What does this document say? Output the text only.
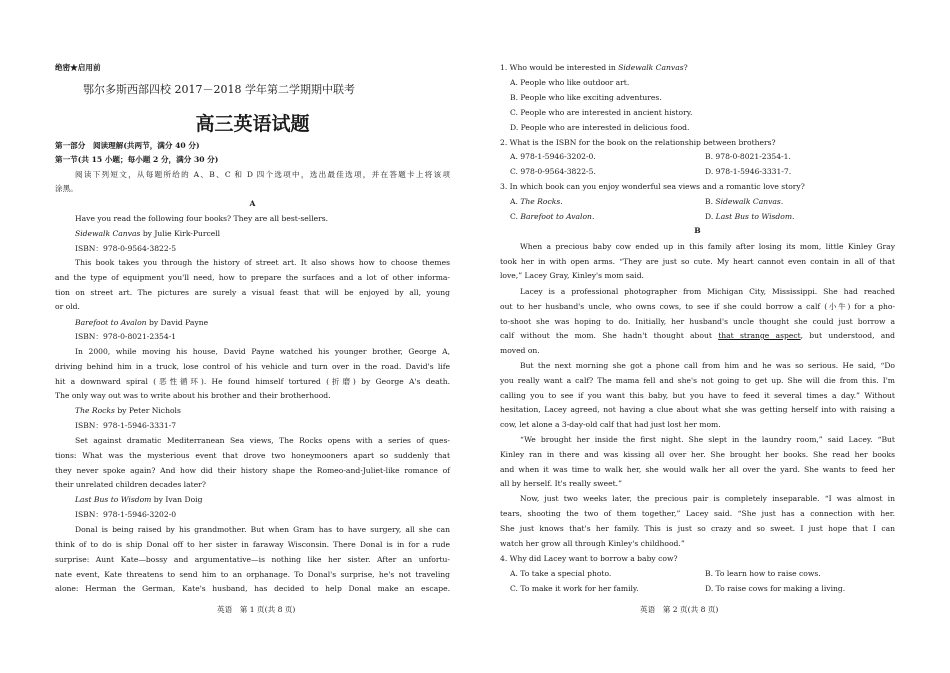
绝密★启用前
鄂尔多斯西部四校 2017－2018 学年第二学期期中联考
高三英语试题
第一部分　阅读理解(共两节，满分 40 分)
第一节(共 15 小题；每小题 2 分，满分 30 分)
阅读下列短文，从每题所给的 A、B、C 和 D 四个选项中，选出最佳选项，并在答题卡上将该项
涂黑。
A
Have you read the following four books? They are all best-sellers.
Sidewalk Canvas by Julie Kirk-Purcell
ISBN：978-0-9564-3822-5
This book takes you through the history of street art. It also shows how to choose themes
and the type of equipment you'll need, how to prepare the surfaces and a lot of other informa-
tion on street art. The pictures are surely a visual feast that will be enjoyed by all, young
or old.
Barefoot to Avalon by David Payne
ISBN：978-0-8021-2354-1
In 2000, while moving his house, David Payne watched his younger brother, George A,
driving behind him in a truck, lose control of his vehicle and turn over in the road. David's life
hit a downward spiral (恶性循环). He found himself tortured (折磨) by George A's death.
The only way out was to write about his brother and their brotherhood.
The Rocks by Peter Nichols
ISBN：978-1-5946-3331-7
Set against dramatic Mediterranean Sea views, The Rocks opens with a series of ques-
tions: What was the mysterious event that drove two honeymooners apart so suddenly that
they never spoke again? And how did their history shape the Romeo-and-Juliet-like romance of
their unrelated children decades later?
Last Bus to Wisdom by Ivan Doig
ISBN：978-1-5946-3202-0
Donal is being raised by his grandmother. But when Gram has to have surgery, all she can
think of to do is ship Donal off to her sister in faraway Wisconsin. There Donal is in for a rude
surprise: Aunt Kate—bossy and argumentative—is nothing like her sister. After an unfortu-
nate event, Kate threatens to send him to an orphanage. To Donal's surprise, he's not traveling
alone: Herman the German, Kate's husband, has decided to help Donal make an escape.
英语　第 1 页(共 8 页)
1. Who would be interested in Sidewalk Canvas?
A. People who like outdoor art.
B. People who like exciting adventures.
C. People who are interested in ancient history.
D. People who are interested in delicious food.
2. What is the ISBN for the book on the relationship between brothers?
A. 978-1-5946-3202-0.	B. 978-0-8021-2354-1.
C. 978-0-9564-3822-5.	D. 978-1-5946-3331-7.
3. In which book can you enjoy wonderful sea views and a romantic love story?
A. The Rocks.	B. Sidewalk Canvas.
C. Barefoot to Avalon.	D. Last Bus to Wisdom.
B
When a precious baby cow ended up in this family after losing its mom, little Kinley Gray
took her in with open arms. “They are just so cute. My heart cannot even contain in all of that
love,” Lacey Gray, Kinley's mom said.
Lacey is a professional photographer from Michigan City, Mississippi. She had reached
out to her husband's uncle, who owns cows, to see if she could borrow a calf (小牛) for a pho-
to-shoot she was hoping to do. Initially, her husband's uncle thought she could just borrow a
calf without the mom. She hadn't thought about that strange aspect, but understood, and
moved on.
But the next morning she got a phone call from him and he was so serious. He said, “Do
you really want a calf? The mama fell and she's not going to get up. She will die from this. I'm
calling you to see if you want this baby, but you have to feed it several times a day.” Without
hesitation, Lacey agreed, not having a clue about what she was getting herself into with raising a
cow, let alone a 3-day-old calf that had just lost her mom.
“We brought her inside the first night. She slept in the laundry room,” said Lacey. “But
Kinley ran in there and was kissing all over her. She brought her books. She read her books
and when it was time to walk her, she would walk her all over the yard. She wants to feed her
all by herself. It's really sweet.”
Now, just two weeks later, the precious pair is completely inseparable. “I was almost in
tears, shooting the two of them together,” Lacey said. “She just has a connection with her.
She just knows that's her family. This is just so crazy and so sweet. I just hope that I can
watch her grow all through Kinley's childhood.”
4. Why did Lacey want to borrow a baby cow?
A. To take a special photo.	B. To learn how to raise cows.
C. To make it work for her family.	D. To raise cows for making a living.
英语　第 2 页(共 8 页)
